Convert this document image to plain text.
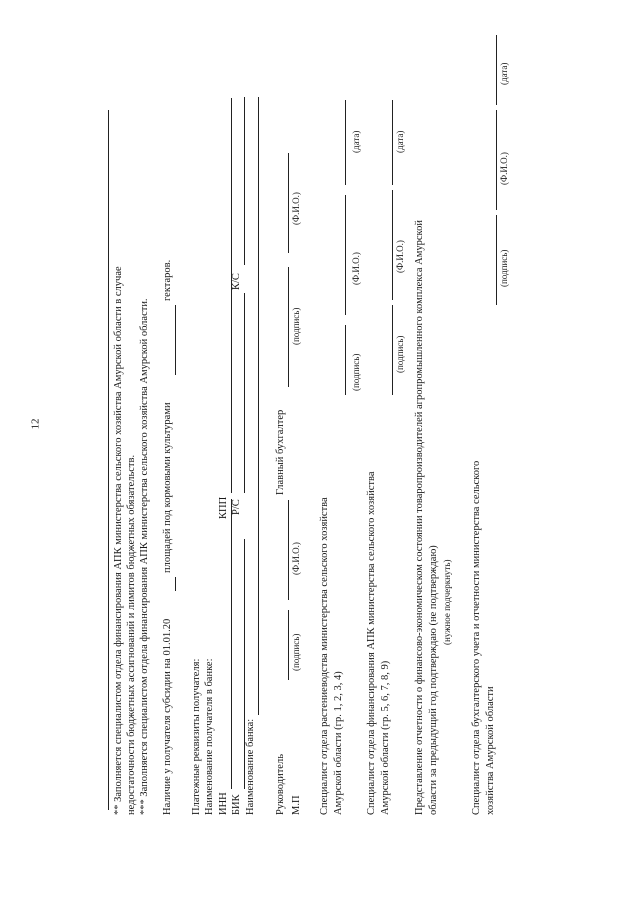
12	** Заполняется специалистом отдела финансирования АПК министерства сельского хозяйства Амурской области в случае недостаточности бюджетных ассигнований и лимитов бюджетных обязательств. *** Заполняется специалистом отдела финансирования АПК министерства сельского хозяйства Амурской области. Наличие у получателя субсидии на 01.01.20
площадей под кормовыми культурами
гектаров.
Платежные реквизиты получателя: Наименование получателя в банке: ИНН
КПП
БИК
Р/С
К/С
Наименование банка: Руководитель М.П
(подпись)
(Ф.И.О.)
Главный бухгалтер
(подпись)
(Ф.И.О.)
Специалист отдела растениеводства министерства сельского хозяйства Амурской области (гр. 1, 2, 3, 4)
(подпись)
(Ф.И.О.)
(дата)
Специалист отдела финансирования АПК министерства сельского хозяйства Амурской области (гр. 5, 6, 7, 8, 9)
(подпись)
(Ф.И.О.)
(дата)
Представление отчетности о финансово-экономическом состоянии товаропроизводителей агропромышленного комплекса Амурской области за предыдущий год подтверждаю (не подтверждаю) (нужное подчеркнуть) Специалист отдела бухгалтерского учета и отчетности министерства сельского хозяйства Амурской области
(подпись)
(Ф.И.О.)
(дата)
